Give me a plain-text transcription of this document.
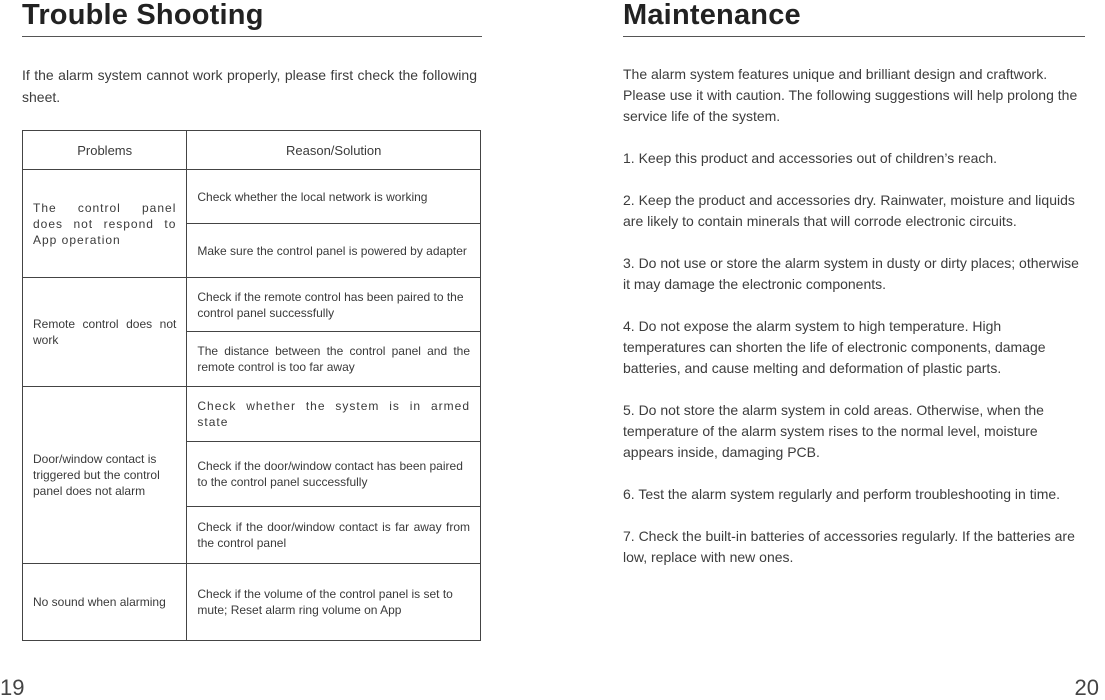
Trouble Shooting
If the alarm system cannot work properly, please first check the following sheet.
Problems	Reason/Solution
The control panel does not respond to App operation	Check whether the local network is working
	Make sure the control panel is powered by adapter
Remote control does not work	Check if the remote control has been paired to the control panel successfully
	The distance between the control panel and the remote control is too far away
Door/window contact is triggered but the control panel does not alarm	Check whether the system is in armed state
	Check if the door/window contact has been paired to the control panel successfully
	Check if the door/window contact is far away from the control panel
No sound when alarming	Check if the volume of the control panel is set to mute; Reset alarm ring volume on App
19
Maintenance

The alarm system features unique and brilliant design and craftwork. Please use it with caution. The following suggestions will help prolong the service life of the system.

1. Keep this product and accessories out of children’s reach.

2. Keep the product and accessories dry. Rainwater, moisture and liquids are likely to contain minerals that will corrode electronic circuits.

3. Do not use or store the alarm system in dusty or dirty places; otherwise it may damage the electronic components.

4. Do not expose the alarm system to high temperature. High temperatures can shorten the life of electronic components, damage batteries, and cause melting and deformation of plastic parts.

5. Do not store the alarm system in cold areas. Otherwise, when the temperature of the alarm system rises to the normal level, moisture appears inside, damaging PCB.

6. Test the alarm system regularly and perform troubleshooting in time.

7. Check the built-in batteries of accessories regularly. If the batteries are low, replace with new ones.

20
